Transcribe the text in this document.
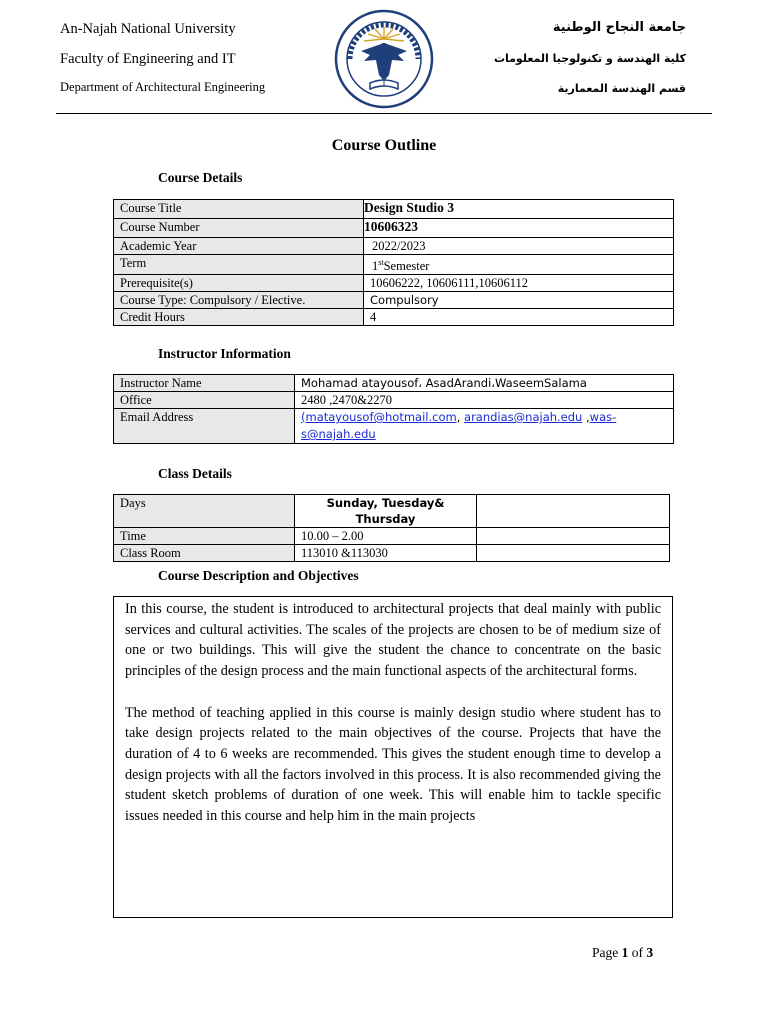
An-Najah National University
Faculty of Engineering and IT
Department of Architectural Engineering
جامعة النجاح الوطنية
كلية الهندسة و تكنولوجيا المعلومات
قسم الهندسة المعمارية
Course Outline
Course Details
Course Title	Design Studio 3
Course Number	10606323
Academic Year	2022/2023
Term	1stSemester
Prerequisite(s)	10606222, 10606111,10606112
Course Type: Compulsory / Elective.	Compulsory
Credit Hours	4
Instructor Information
Instructor Name	Mohamad atayousof، AsadArandi،WaseemSalama
Office	2480 ,2470&2270
Email Address	(matayousof@hotmail.com, arandias@najah.edu ,was-s@najah.edu
Class Details
Days	Sunday, Tuesday& Thursday	
Time	10.00 – 2.00	
Class Room	113010 &113030	
Course Description and Objectives

In this course, the student is introduced to architectural projects that deal mainly with public services and cultural activities. The scales of the projects are chosen to be of medium size of one or two buildings. This will give the student the chance to concentrate on the basic principles of the design process and the main functional aspects of the architectural forms.

The method of teaching applied in this course is mainly design studio where student has to take design projects related to the main objectives of the course. Projects that have the duration of 4 to 6 weeks are recommended. This gives the student enough time to develop a design projects with all the factors involved in this process. It is also recommended giving the student sketch problems of duration of one week. This will enable him to tackle specific issues needed in this course and help him in the main projects

Page 1 of 3
